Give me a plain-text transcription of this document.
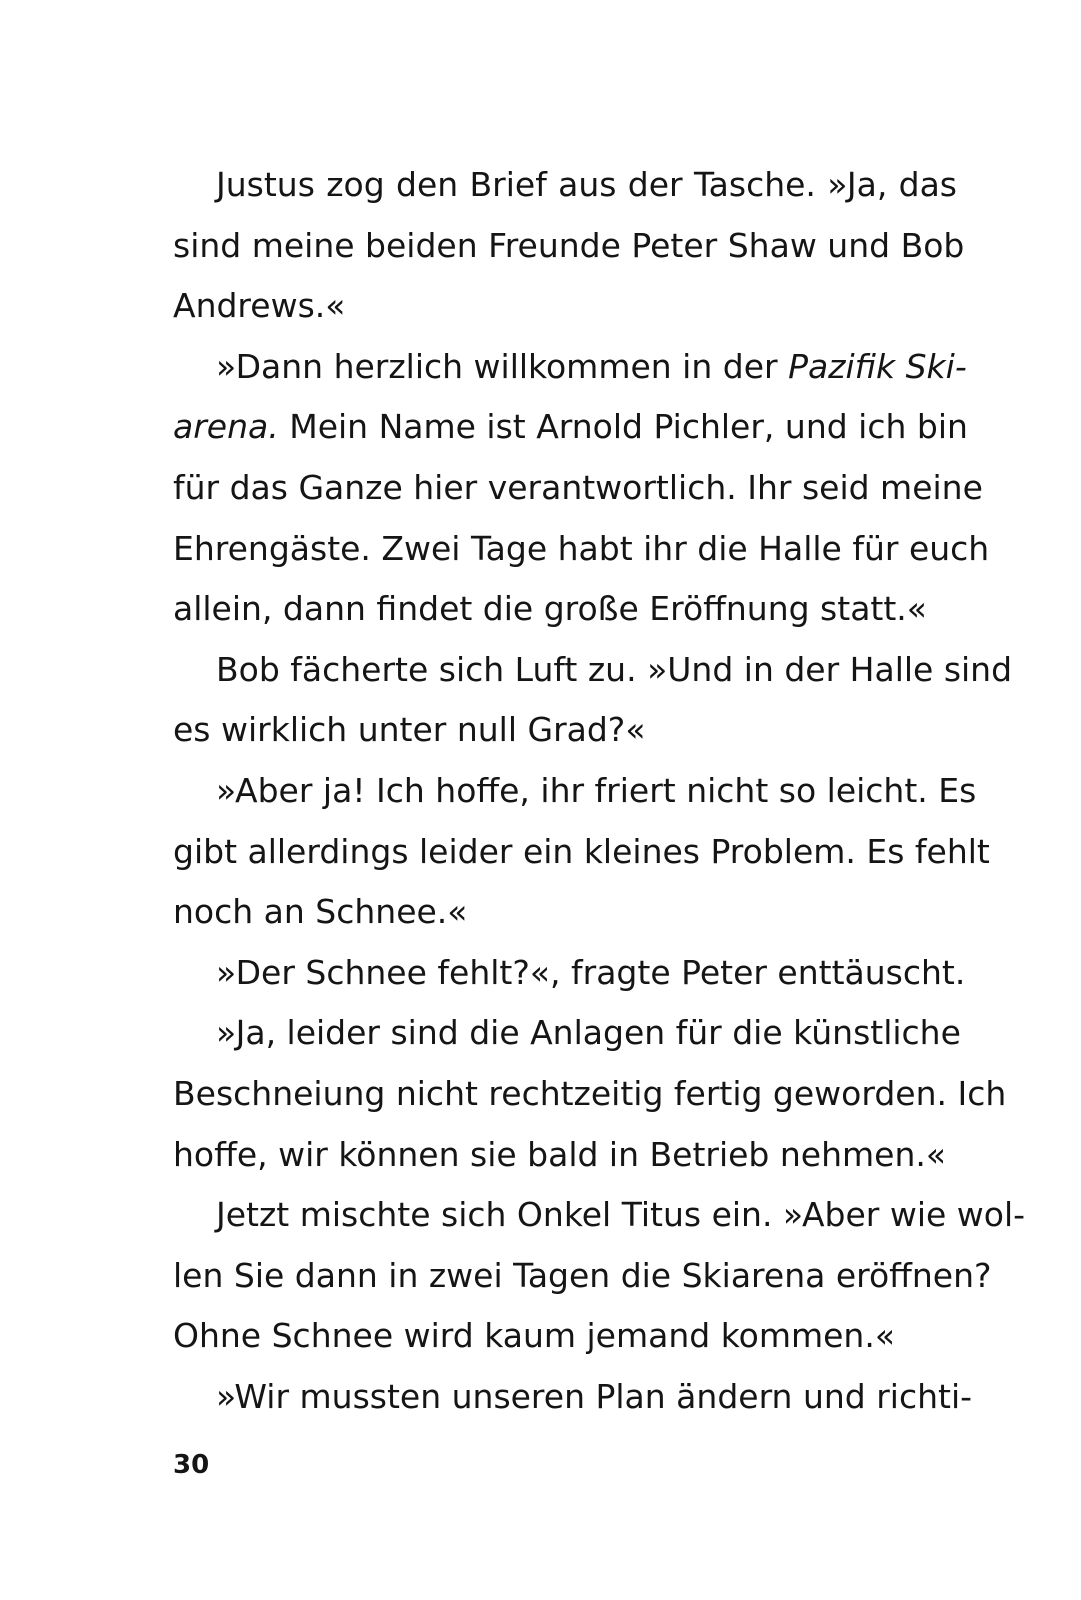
Justus zog den Brief aus der Tasche. »Ja, das
sind meine beiden Freunde Peter Shaw und Bob
Andrews.«
»Dann herzlich willkommen in der Pazifik Ski-
arena. Mein Name ist Arnold Pichler, und ich bin
für das Ganze hier verantwortlich. Ihr seid meine
Ehrengäste. Zwei Tage habt ihr die Halle für euch
allein, dann findet die große Eröffnung statt.«
Bob fächerte sich Luft zu. »Und in der Halle sind
es wirklich unter null Grad?«
»Aber ja! Ich hoffe, ihr friert nicht so leicht. Es
gibt allerdings leider ein kleines Problem. Es fehlt
noch an Schnee.«
»Der Schnee fehlt?«, fragte Peter enttäuscht.
»Ja, leider sind die Anlagen für die künstliche
Beschneiung nicht rechtzeitig fertig geworden. Ich
hoffe, wir können sie bald in Betrieb nehmen.«
Jetzt mischte sich Onkel Titus ein. »Aber wie wol-
len Sie dann in zwei Tagen die Skiarena eröffnen?
Ohne Schnee wird kaum jemand kommen.«
»Wir mussten unseren Plan ändern und richti-
30
